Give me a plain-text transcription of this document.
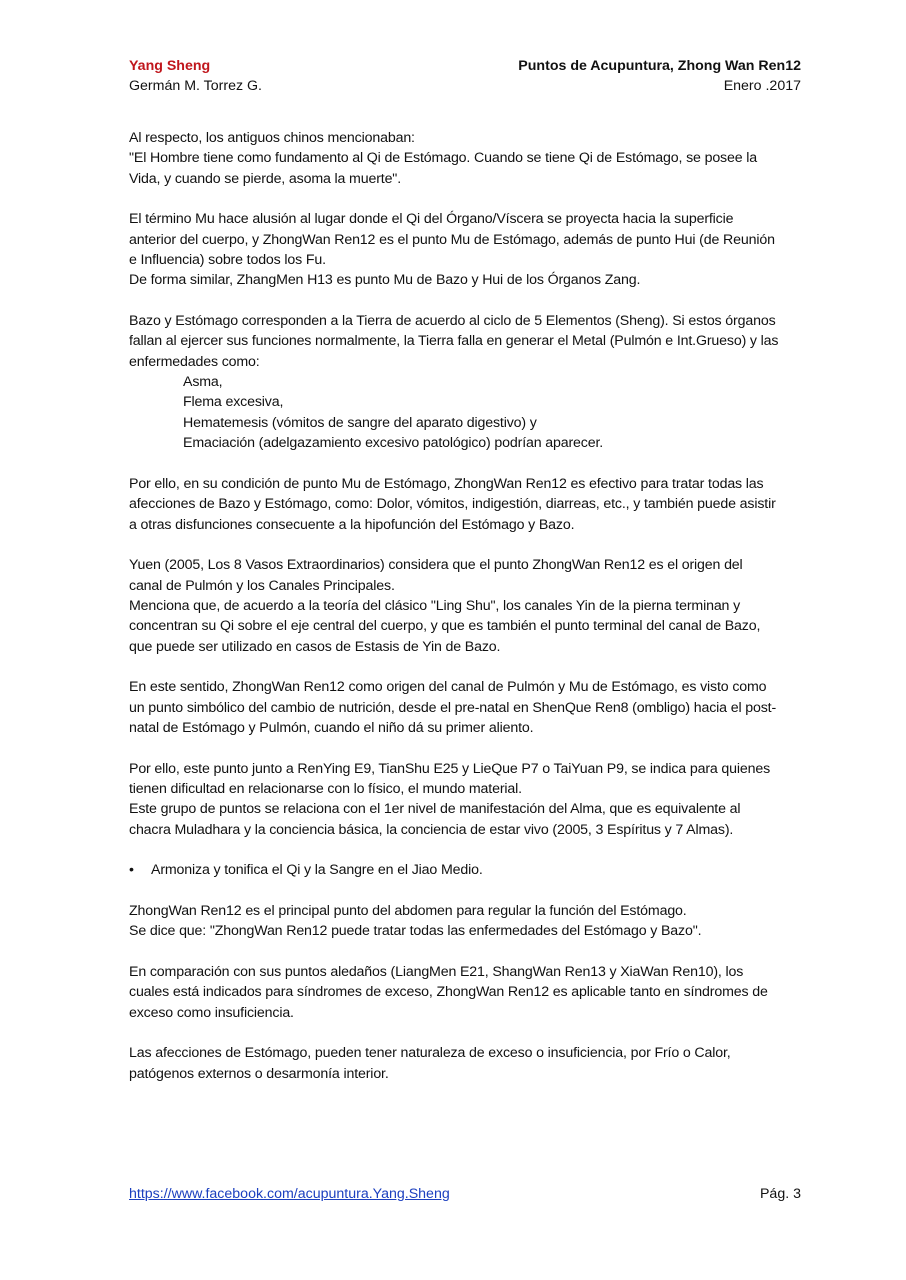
Yang Sheng	Puntos de Acupuntura, Zhong Wan Ren12
Germán M. Torrez G.	Enero .2017

Al respecto, los antiguos chinos mencionaban:
"El Hombre tiene como fundamento al Qi de Estómago. Cuando se tiene Qi de Estómago, se posee la Vida, y cuando se pierde, asoma la muerte".

El término Mu hace alusión al lugar donde el Qi del Órgano/Víscera se proyecta hacia la superficie anterior del cuerpo, y ZhongWan Ren12 es el punto Mu de Estómago, además de punto Hui (de Reunión e Influencia) sobre todos los Fu.
De forma similar, ZhangMen H13 es punto Mu de Bazo y Hui de los Órganos Zang.

Bazo y Estómago corresponden a la Tierra de acuerdo al ciclo de 5 Elementos (Sheng). Si estos órganos fallan al ejercer sus funciones normalmente, la Tierra falla en generar el Metal (Pulmón e Int.Grueso) y las enfermedades como:

Asma,
Flema excesiva,
Hematemesis (vómitos de sangre del aparato digestivo) y
Emaciación (adelgazamiento excesivo patológico) podrían aparecer.

Por ello, en su condición de punto Mu de Estómago, ZhongWan Ren12 es efectivo para tratar todas las afecciones de Bazo y Estómago, como: Dolor, vómitos, indigestión, diarreas, etc., y también puede asistir a otras disfunciones consecuente a la hipofunción del Estómago y Bazo.

Yuen (2005, Los 8 Vasos Extraordinarios) considera que el punto ZhongWan Ren12 es el origen del canal de Pulmón y los Canales Principales.
Menciona que, de acuerdo a la teoría del clásico "Ling Shu", los canales Yin de la pierna terminan y concentran su Qi sobre el eje central del cuerpo, y que es también el punto terminal del canal de Bazo, que puede ser utilizado en casos de Estasis de Yin de Bazo.

En este sentido, ZhongWan Ren12 como origen del canal de Pulmón y Mu de Estómago, es visto como un punto simbólico del cambio de nutrición, desde el pre-natal en ShenQue Ren8 (ombligo) hacia el post-natal de Estómago y Pulmón, cuando el niño dá su primer aliento.

Por ello, este punto junto a RenYing E9, TianShu E25 y LieQue P7 o TaiYuan P9, se indica para quienes tienen dificultad en relacionarse con lo físico, el mundo material.
Este grupo de puntos se relaciona con el 1er nivel de manifestación del Alma, que es equivalente al chacra Muladhara y la conciencia básica, la conciencia de estar vivo (2005, 3 Espíritus y 7 Almas).

•	Armoniza y tonifica el Qi y la Sangre en el Jiao Medio.

ZhongWan Ren12 es el principal punto del abdomen para regular la función del Estómago.
Se dice que: "ZhongWan Ren12 puede tratar todas las enfermedades del Estómago y Bazo".

En comparación con sus puntos aledaños (LiangMen E21, ShangWan Ren13 y XiaWan Ren10), los cuales está indicados para síndromes de exceso, ZhongWan Ren12 es aplicable tanto en síndromes de exceso como insuficiencia.

Las afecciones de Estómago, pueden tener naturaleza de exceso o insuficiencia, por Frío o Calor, patógenos externos o desarmonía interior.

https://www.facebook.com/acupuntura.Yang.Sheng	Pág. 3
